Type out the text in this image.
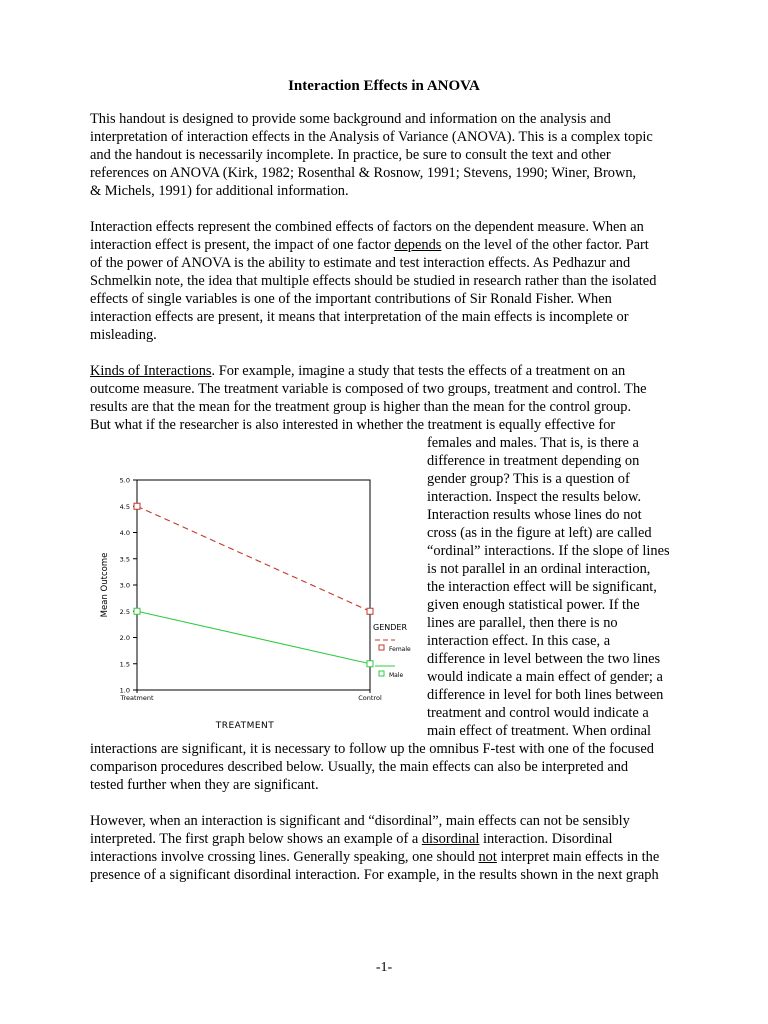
Interaction Effects in ANOVA
This handout is designed to provide some background and information on the analysis and
interpretation of interaction effects in the Analysis of Variance (ANOVA). This is a complex topic
and the handout is necessarily incomplete. In practice, be sure to consult the text and other
references on ANOVA (Kirk, 1982; Rosenthal & Rosnow, 1991; Stevens, 1990; Winer, Brown,
& Michels, 1991) for additional information.
Interaction effects represent the combined effects of factors on the dependent measure. When an
interaction effect is present, the impact of one factor depends on the level of the other factor. Part
of the power of ANOVA is the ability to estimate and test interaction effects. As Pedhazur and
Schmelkin note, the idea that multiple effects should be studied in research rather than the isolated
effects of single variables is one of the important contributions of Sir Ronald Fisher. When
interaction effects are present, it means that interpretation of the main effects is incomplete or
misleading.
Kinds of Interactions. For example, imagine a study that tests the effects of a treatment on an
outcome measure. The treatment variable is composed of two groups, treatment and control. The
results are that the mean for the treatment group is higher than the mean for the control group.
But what if the researcher is also interested in whether the treatment is equally effective for
females and males. That is, is there a
difference in treatment depending on
gender group? This is a question of
interaction. Inspect the results below.
Interaction results whose lines do not
cross (as in the figure at left) are called
“ordinal” interactions. If the slope of lines
is not parallel in an ordinal interaction,
the interaction effect will be significant,
given enough statistical power. If the
lines are parallel, then there is no
interaction effect. In this case, a
difference in level between the two lines
would indicate a main effect of gender; a
difference in level for both lines between
treatment and control would indicate a
main effect of treatment. When ordinal
interactions are significant, it is necessary to follow up the omnibus F-test with one of the focused
comparison procedures described below. Usually, the main effects can also be interpreted and
tested further when they are significant.
However, when an interaction is significant and “disordinal”, main effects can not be sensibly
interpreted. The first graph below shows an example of a disordinal interaction. Disordinal
interactions involve crossing lines. Generally speaking, one should not interpret main effects in the
presence of a significant disordinal interaction. For example, in the results shown in the next graph
1.0
1.5
2.0
2.5
3.0
3.5
4.0
4.5
5.0
Treatment	Control
TREATMENT
Mean Outcome
GENDER
Female
Male
-1-
